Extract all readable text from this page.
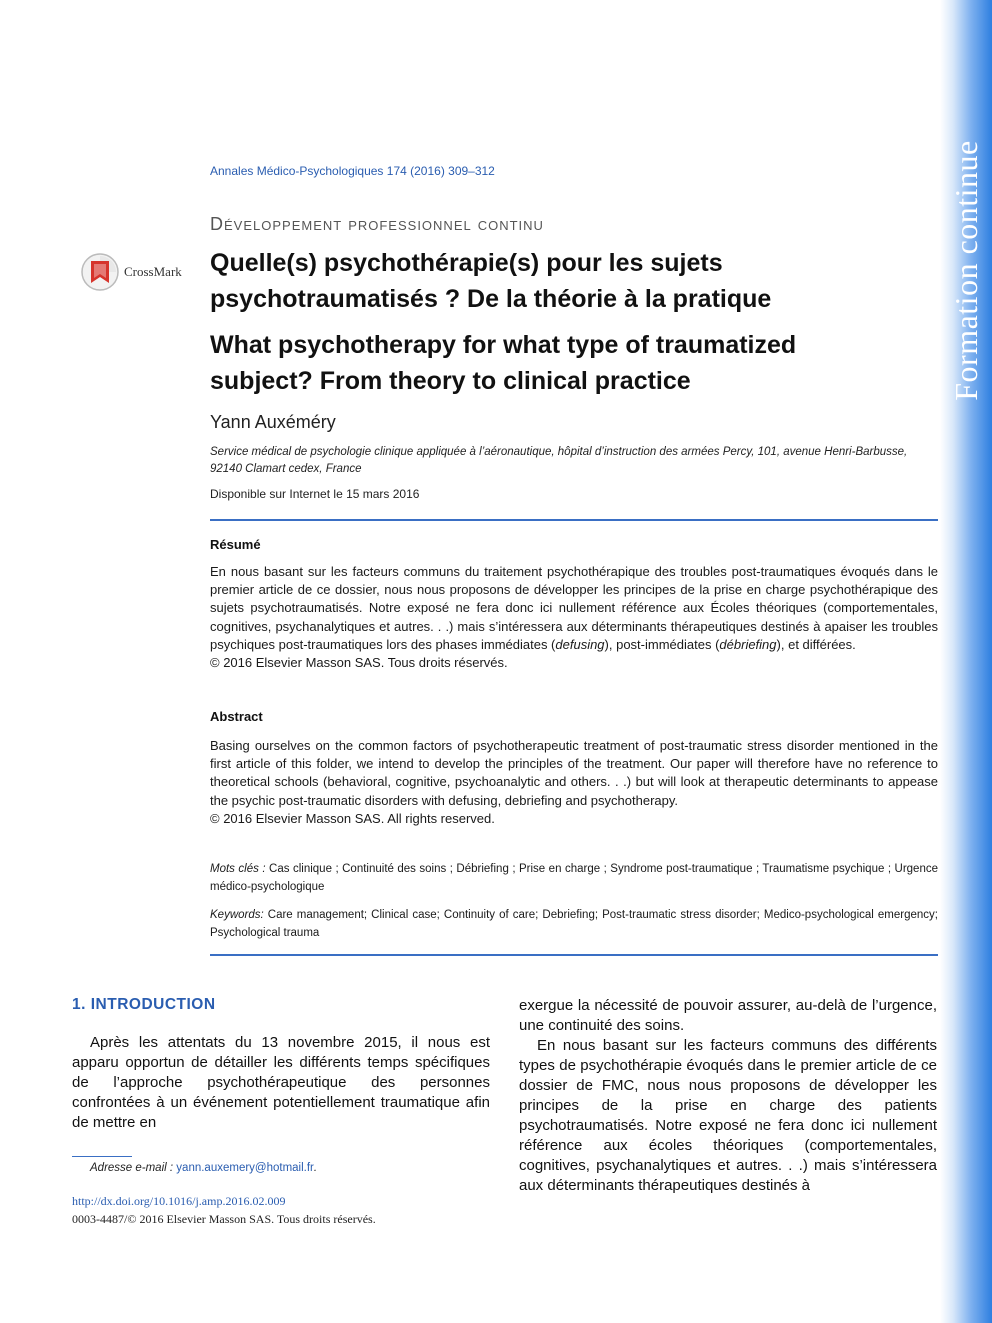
Formation continue
Annales Médico-Psychologiques 174 (2016) 309–312
Développement professionnel continu
CrossMark Quelle(s) psychothérapie(s) pour les sujets psychotraumatisés ? De la théorie à la pratique
What psychotherapy for what type of traumatized subject? From theory to clinical practice
Yann Auxéméry
Service médical de psychologie clinique appliquée à l’aéronautique, hôpital d’instruction des armées Percy, 101, avenue Henri-Barbusse,
92140 Clamart cedex, France
Disponible sur Internet le 15 mars 2016
Résumé
En nous basant sur les facteurs communs du traitement psychothérapique des troubles post-traumatiques évoqués dans le premier article de ce dossier, nous nous proposons de développer les principes de la prise en charge psychothérapique des sujets psychotraumatisés. Notre exposé ne fera donc ici nullement référence aux Écoles théoriques (comportementales, cognitives, psychanalytiques et autres. . .) mais s’intéressera aux déterminants thérapeutiques destinés à apaiser les troubles psychiques post-traumatiques lors des phases immédiates (defusing), post-immédiates (débriefing), et différées.
© 2016 Elsevier Masson SAS. Tous droits réservés.
Abstract
Basing ourselves on the common factors of psychotherapeutic treatment of post-traumatic stress disorder mentioned in the first article of this folder, we intend to develop the principles of the treatment. Our paper will therefore have no reference to theoretical schools (behavioral, cognitive, psychoanalytic and others. . .) but will look at therapeutic determinants to appease the psychic post-traumatic disorders with defusing, debriefing and psychotherapy.
© 2016 Elsevier Masson SAS. All rights reserved.
Mots clés : Cas clinique ; Continuité des soins ; Débriefing ; Prise en charge ; Syndrome post-traumatique ; Traumatisme psychique ; Urgence médico-psychologique
Keywords: Care management; Clinical case; Continuity of care; Debriefing; Post-traumatic stress disorder; Medico-psychological emergency; Psychological trauma
1. INTRODUCTION

Après les attentats du 13 novembre 2015, il nous est apparu opportun de détailler les différents temps spécifiques de l’approche psychothérapeutique des personnes confrontées à un événement potentiellement traumatique afin de mettre en

exergue la nécessité de pouvoir assurer, au-delà de l’urgence, une continuité des soins.

En nous basant sur les facteurs communs des différents types de psychothérapie évoqués dans le premier article de ce dossier de FMC, nous nous proposons de développer les principes de la prise en charge des patients psychotraumatisés. Notre exposé ne fera donc ici nullement référence aux écoles théoriques (comportementales, cognitives, psychanalytiques et autres. . .) mais s’intéressera aux déterminants thérapeutiques destinés à

Adresse e-mail : yann.auxemery@hotmail.fr.
http://dx.doi.org/10.1016/j.amp.2016.02.009
0003-4487/© 2016 Elsevier Masson SAS. Tous droits réservés.
